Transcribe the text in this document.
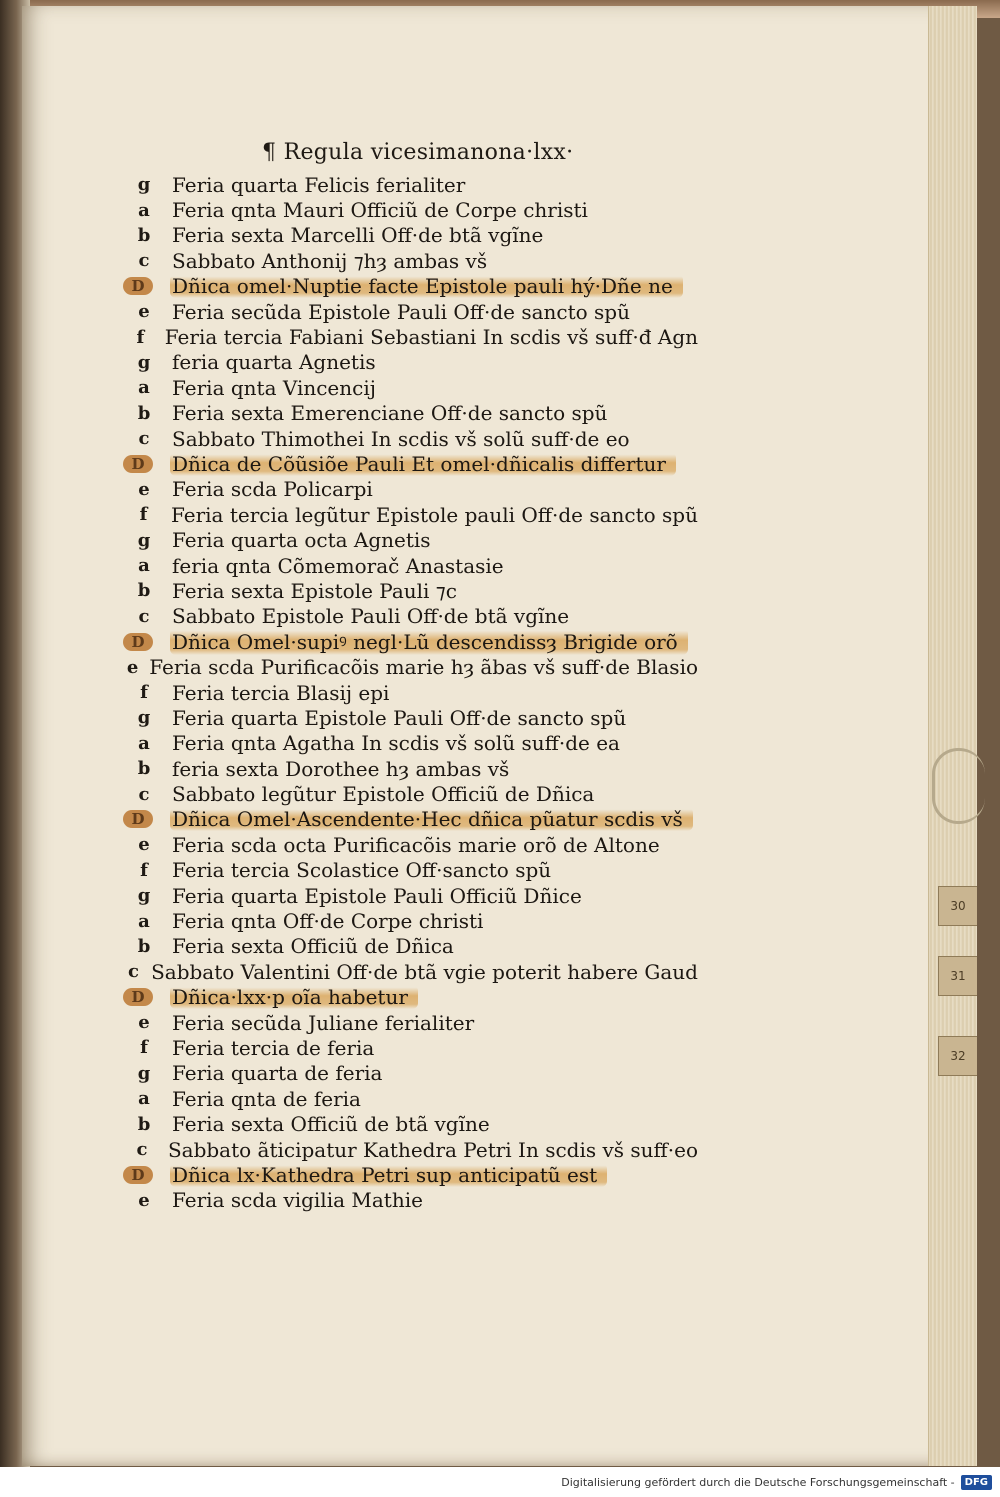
30
31
32
¶ Regula vicesimanona·lxx·
g	Feria quarta Felicis ferialiter
a	Feria qnta Mauri Officiũ de Corpe christi
b	Feria sexta Marcelli Off·de btã vgĩne
c	Sabbato Anthonij ⁊hȝ ambas vš
D	Dñica omel·Nuptie facte Epistole pauli hý·Dñe ne
e	Feria secũda Epistole Pauli Off·de sancto spũ
f	Feria tercia Fabiani Sebastiani In scdis vš suff·đ Agn
g	feria quarta Agnetis
a	Feria qnta Vincencij
b	Feria sexta Emerenciane Off·de sancto spũ
c	Sabbato Thimothei In scdis vš solũ suff·de eo
D	Dñica de Cõũsiõe Pauli Et omel·dñicalis differtur
e	Feria scda Policarpi
f	Feria tercia legũtur Epistole pauli Off·de sancto spũ
g	Feria quarta octa Agnetis
a	feria qnta Cõmemorač Anastasie
b	Feria sexta Epistole Pauli ⁊c
c	Sabbato Epistole Pauli Off·de btã vgĩne
D	Dñica Omel·supiꝰ negl·Lũ descendissȝ Brigide orõ
e Feria scda Purificacõis marie hȝ ãbas vš suff·de Blasio
f	Feria tercia Blasij epi
g	Feria quarta Epistole Pauli Off·de sancto spũ
a	Feria qnta Agatha In scdis vš solũ suff·de ea
b	feria sexta Dorothee hȝ ambas vš
c	Sabbato legũtur Epistole Officiũ de Dñica
D	Dñica Omel·Ascendente·Hec dñica pũatur scdis vš
e	Feria scda octa Purificacõis marie orõ de Altone
f	Feria tercia Scolastice Off·sancto spũ
g	Feria quarta Epistole Pauli Officiũ Dñice
a	Feria qnta Off·de Corpe christi
b	Feria sexta Officiũ de Dñica
c Sabbato Valentini Off·de btã vgie poterit habere Gaud
D	Dñica·lxx·p oĩa habetur
e	Feria secũda Juliane ferialiter
f	Feria tercia de feria
g	Feria quarta de feria
a	Feria qnta de feria
b	Feria sexta Officiũ de btã vgĩne
c	Sabbato ãticipatur Kathedra Petri In scdis vš suff·eo
D	Dñica lx·Kathedra Petri sup anticipatũ est
e	Feria scda vigilia Mathie
Digitalisierung gefördert durch die Deutsche Forschungsgemeinschaft -	DFG
